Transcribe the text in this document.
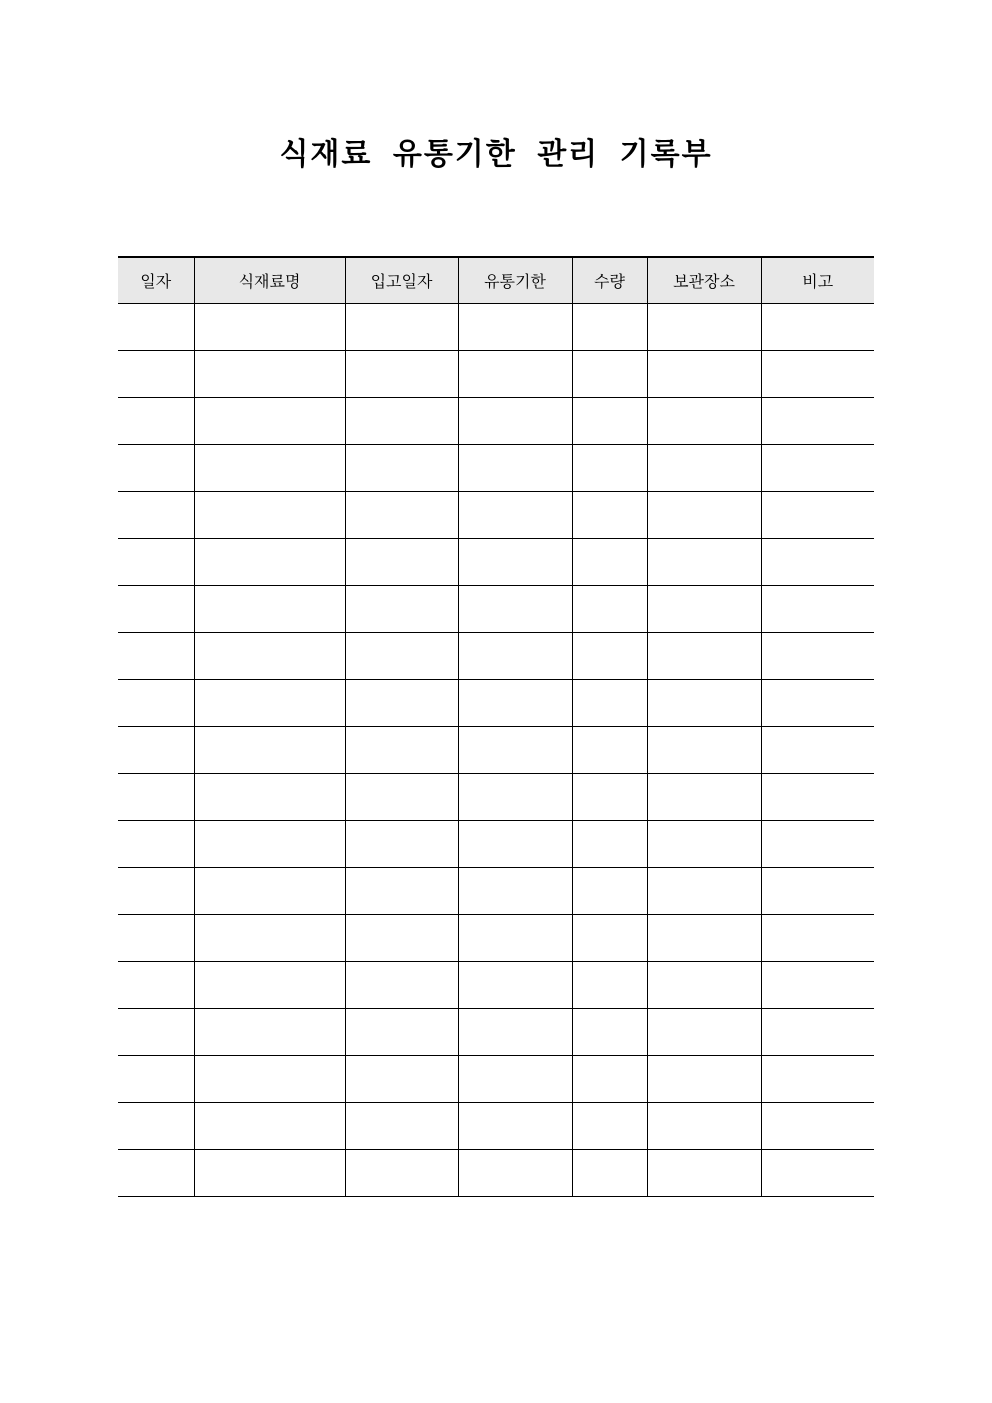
식재료 유통기한 관리 기록부
일자	식재료명	입고일자	유통기한	수량	보관장소	비고
